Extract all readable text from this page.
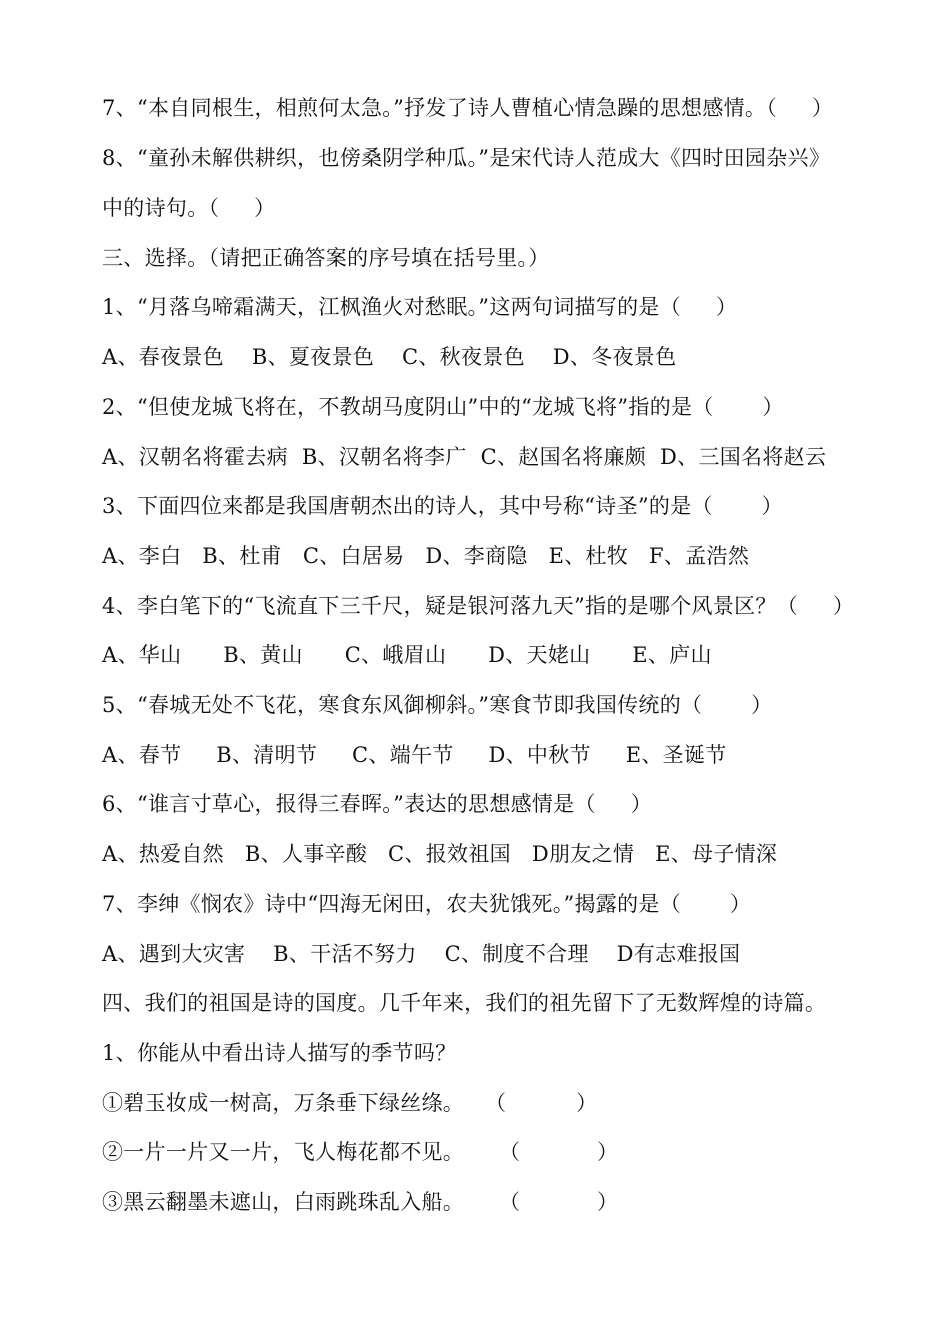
7、“本自同根生，相煎何太急。”抒发了诗人曹植心情急躁的思想感情。（     ）
8、“童孙未解供耕织，也傍桑阴学种瓜。”是宋代诗人范成大《四时田园杂兴》
中的诗句。（     ）
三、选择。（请把正确答案的序号填在括号里。）
1、“月落乌啼霜满天，江枫渔火对愁眠。”这两句词描写的是（     ）
A、春夜景色    B、夏夜景色    C、秋夜景色    D、冬夜景色
2、“但使龙城飞将在，不教胡马度阴山”中的“龙城飞将”指的是（       ）
A、汉朝名将霍去病  B、汉朝名将李广  C、赵国名将廉颇  D、三国名将赵云
3、下面四位来都是我国唐朝杰出的诗人，其中号称“诗圣”的是（       ）
A、李白   B、杜甫   C、白居易   D、李商隐   E、杜牧   F、孟浩然
4、李白笔下的“飞流直下三千尺，疑是银河落九天”指的是哪个风景区？（     ）
A、华山      B、黄山      C、峨眉山      D、天姥山      E、庐山
5、“春城无处不飞花，寒食东风御柳斜。”寒食节即我国传统的（       ）
A、春节     B、清明节     C、端午节     D、中秋节     E、圣诞节
6、“谁言寸草心，报得三春晖。”表达的思想感情是（     ）
A、热爱自然   B、人事辛酸   C、报效祖国   D朋友之情   E、母子情深
7、李绅《悯农》诗中“四海无闲田，农夫犹饿死。”揭露的是（       ）
A、遇到大灾害    B、干活不努力    C、制度不合理    D有志难报国
四、我们的祖国是诗的国度。几千年来，我们的祖先留下了无数辉煌的诗篇。
1、你能从中看出诗人描写的季节吗？
①碧玉妆成一树高，万条垂下绿丝绦。   （          ）
②一片一片又一片，飞人梅花都不见。     （           ）
③黑云翻墨未遮山，白雨跳珠乱入船。     （           ）
